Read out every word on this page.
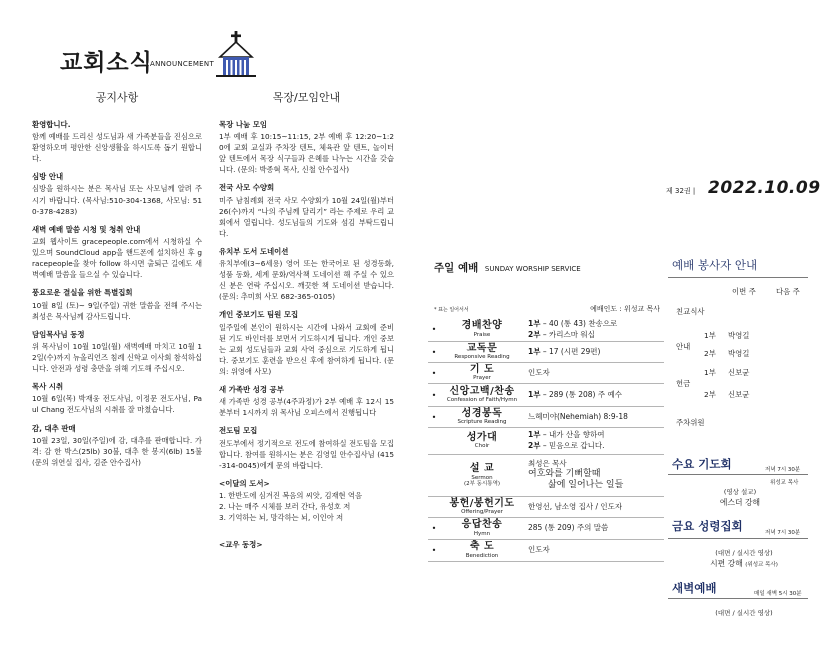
교회소식
ANNOUNCEMENT
공지사항
환영합니다.
함께 예배를 드리신 성도님과 새 가족분들을 진심으로 환영하오며 평안한 신앙생활을 하시도록 돕기 원합니다.
심방 안내
심방을 원하시는 분은 목사님 또는 사모님께 알려 주시기 바랍니다. (목사님:510-304-1368, 사모님: 510-378-4283)
새벽 예배 말씀 시청 및 청취 안내
교회 웹사이트 gracepeople.com에서 시청하실 수 있으며 SoundCloud app을 핸드폰에 설치하신 후 gracepeople을 찾아 follow 하시면 출퇴근 길에도 새벽예배 말씀을 들으실 수 있습니다.
풍요로운 결실을 위한 특별집회
10월 8일 (토)~ 9일(주일) 귀한 말씀을 전해 주시는 최성은 목사님께 감사드립니다.
담임목사님 동정
위 목사님이 10월 10일(월) 새벽예배 마치고 10월 12일(수)까지 뉴올리언즈 침례 신학교 이사회 참석하십니다. 안전과 성령 충만을 위해 기도해 주십시오.
목사 시취
10월 6일(목) 박재웅 전도사님, 이정문 전도사님, Paul Chang 전도사님의 시취를 잘 마쳤습니다.
감, 대추 판매
10월 23일, 30일(주일)에 감, 대추를 판매합니다. 가격: 감 한 박스(25lb) 30불, 대추 한 봉지(6lb) 15불 (문의 위연실 집사, 김준 안수집사)
목장/모임안내
목장 나눔 모임
1부 예배 후 10:15~11:15, 2부 예배 후 12:20~1:20에 교회 교실과 주차장 텐트, 체육관 앞 텐트, 놀이터 앞 텐트에서 목장 식구들과 은혜를 나누는 시간을 갖습니다. (문의: 박종혁 목사, 신철 안수집사)
전국 사모 수양회
미주 남침례회 전국 사모 수양회가 10월 24일(월)부터 26(수)까지 “나의 주님께 달리기” 라는 주제로 우리 교회에서 열립니다. 성도님들의 기도와 섬김 부탁드립니다.
유치부 도서 도네이션
유치부에(3~6세용) 영어 또는 한국어로 된 성경동화, 성품 동화, 세계 문화/역사책 도네이션 해 주실 수 있으신 분은 연락 주십시오. 깨끗한 책 도네이션 받습니다. (문의: 추미희 사모 682-365-0105)
개인 중보기도 팀원 모집
일주일에 본인이 원하시는 시간에 나와서 교회에 준비된 기도 바인더를 보면서 기도하시게 됩니다. 개인 중보는 교회 성도님들과 교회 사역 중심으로 기도하게 됩니다. 중보기도 훈련을 받으신 후에 참여하게 됩니다. (문의: 위영애 사모)
새 가족반 성경 공부
새 가족반 성경 공부(4주과정)가 2부 예배 후 12시 15분부터 1시까지 위 목사님 오피스에서 진행됩니다
전도팀 모집
전도부에서 정기적으로 전도에 참여하실 전도팀을 모집합니다. 참여를 원하시는 분은 김영일 안수집사님 (415-314-0045)에게 문의 바랍니다.
<이달의 도서>
1. 한반도에 심겨진 복음의 씨앗, 김재현 역음
2. 나는 매주 시체를 보러 간다, 유성호 저
3. 기억하는 뇌, 망각하는 뇌, 이인아 저
<교우 동정>
제 32권 | 2022.10.09
주일 예배 SUNDAY WORSHIP SERVICE
* 표는 일어서서	예배인도 : 위성교 목사
•	경배찬양
Praise
1부 – 40 (통 43) 찬송으로
2부 – 카리스마 워십
•	교독문
Responsive Reading
1부 – 17 (시편 29편)
•	기 도
Prayer
인도자
•	신앙고백/찬송
Confession of Faith/Hymn
1부 – 289 (통 208) 주 예수
•	성경봉독
Scripture Reading
느헤미야(Nehemiah) 8:9-18
성가대
Choir
1부 – 내가 산을 향하여
2부 – 믿음으로 갑니다.
설 교
Sermon
(2부 동시통역)
최성은 목사
여호와를 기뻐할때
삶에 일어나는 일들
봉헌/봉헌기도
Offering/Prayer
한영선, 남소영 집사 / 인도자
•	응답찬송
Hymn
285 (통 209) 주의 말씀
•	축 도
Benediction
인도자
예배 봉사자 안내
이번 주	다음 주
친교식사
안내
1부 박영길
2부 박영길
헌금
1부 신보균
2부 신보균
주차위원
수요 기도회	저녁 7시 30분
위성교 목사
(영상 설교)
에스더 강해
금요 성령집회	저녁 7시 30분
(대면 / 실시간 영상)
시편 강해 (위성교 목사)
새벽예배	매일 새벽 5시 30분
(대면 / 실시간 영상)
